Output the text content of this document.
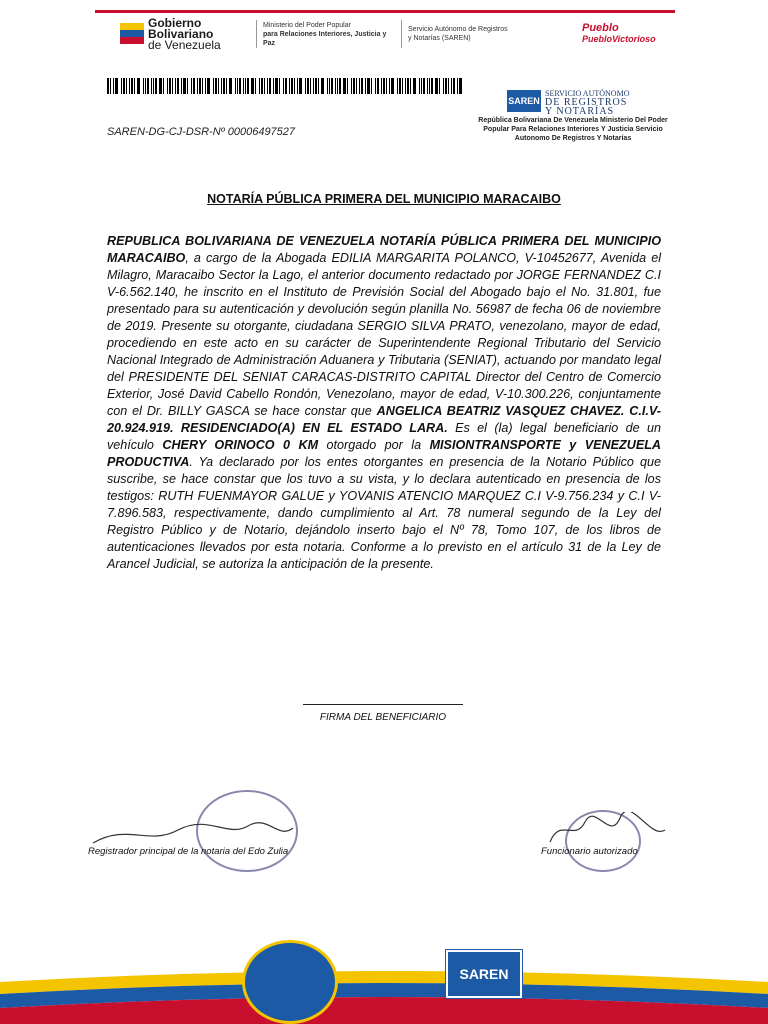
Gobierno Bolivariano
de Venezuela
Ministerio del Poder Popular
para Relaciones Interiores, Justicia y Paz
Servicio Autónomo de Registros
y Notarías (SAREN)
Pueblo
PuebloVictorioso
SAREN-DG-CJ-DSR-Nº 00006497527
SAREN
SERVICIO AUTÓNOMO
DE REGISTROS
Y NOTARÍAS
República Bolivariana De Venezuela Ministerio Del Poder Popular Para Relaciones Interiores Y Justicia Servicio Autonomo De Registros Y Notarías
NOTARÍA PÚBLICA PRIMERA DEL MUNICIPIO MARACAIBO
REPUBLICA BOLIVARIANA DE VENEZUELA NOTARÍA PÚBLICA PRIMERA DEL MUNICIPIO MARACAIBO, a cargo de la Abogada EDILIA MARGARITA POLANCO, V-10452677, Avenida el Milagro, Maracaibo Sector la Lago, el anterior documento redactado por JORGE FERNANDEZ C.I V-6.562.140, he inscrito en el Instituto de Previsión Social del Abogado bajo el No. 31.801, fue presentado para su autenticación y devolución según planilla No. 56987 de fecha 06 de noviembre de 2019. Presente su otorgante, ciudadana SERGIO SILVA PRATO, venezolano, mayor de edad, procediendo en este acto en su carácter de Superintendente Regional Tributario del Servicio Nacional Integrado de Administración Aduanera y Tributaria (SENIAT), actuando por mandato legal del PRESIDENTE DEL SENIAT CARACAS-DISTRITO CAPITAL Director del Centro de Comercio Exterior, José David Cabello Rondón, Venezolano, mayor de edad, V-10.300.226, conjuntamente con el Dr. BILLY GASCA se hace constar que ANGELICA BEATRIZ VASQUEZ CHAVEZ. C.I.V-20.924.919. RESIDENCIADO(A) EN EL ESTADO LARA. Es el (la) legal beneficiario de un vehículo CHERY ORINOCO 0 KM otorgado por la MISIONTRANSPORTE y VENEZUELA PRODUCTIVA. Ya declarado por los entes otorgantes en presencia de la Notario Público que suscribe, se hace constar que los tuvo a su vista, y lo declara autenticado en presencia de los testigos: RUTH FUENMAYOR GALUE y YOVANIS ATENCIO MARQUEZ C.I V-9.756.234 y C.I V-7.896.583, respectivamente, dando cumplimiento al Art. 78 numeral segundo de la Ley del Registro Público y de Notario, dejándolo inserto bajo el Nº 78, Tomo 107, de los libros de autenticaciones llevados por esta notaria. Conforme a lo previsto en el artículo 31 de la Ley de Arancel Judicial, se autoriza la anticipación de la presente.
FIRMA DEL BENEFICIARIO
Registrador principal de la notaria del Edo Zulia	Funcionario autorizado
SAREN
